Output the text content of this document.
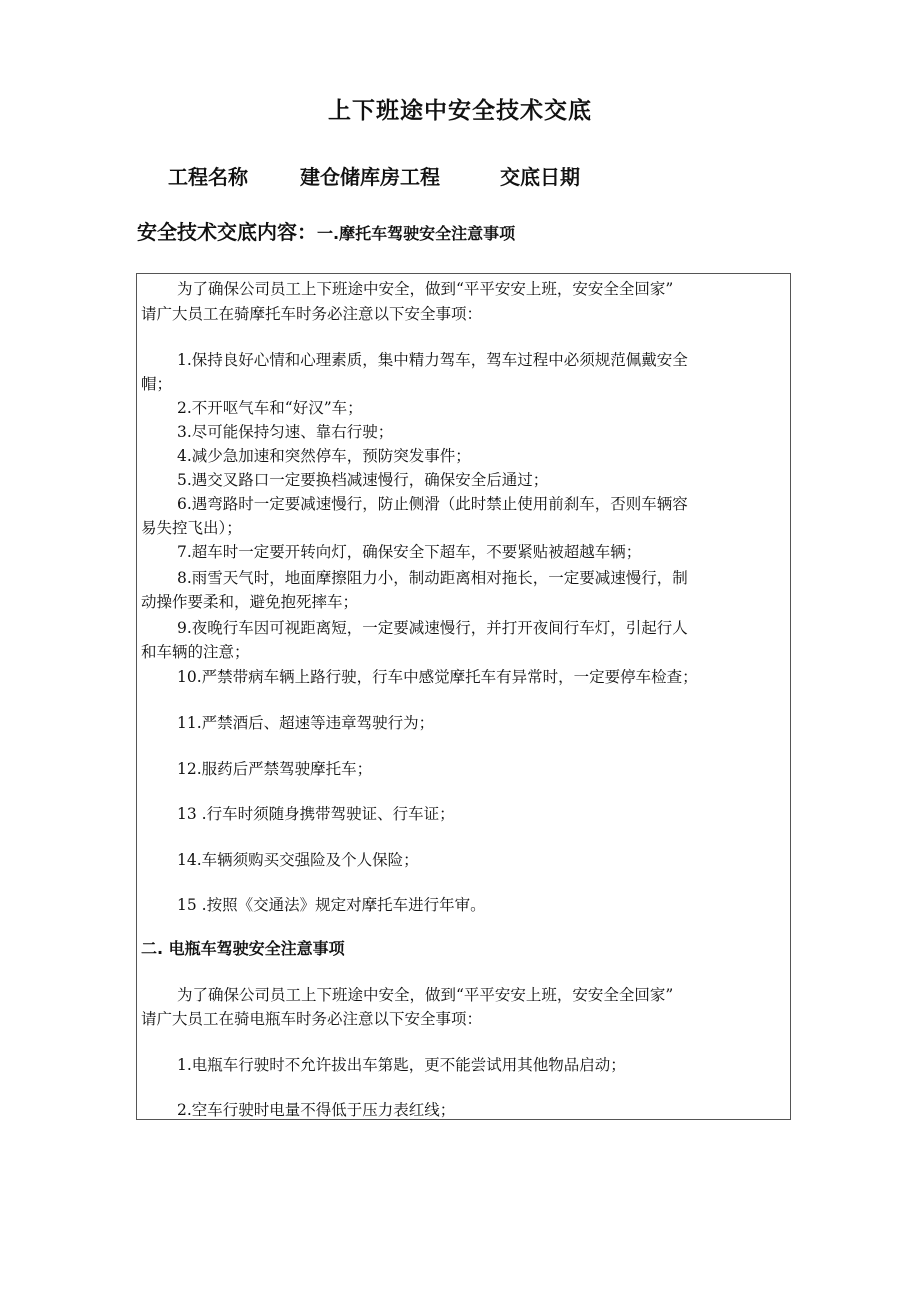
上下班途中安全技术交底
工程名称	建仓储库房工程	交底日期
安全技术交底内容：一.摩托车驾驶安全注意事项
为了确保公司员工上下班途中安全，做到“平平安安上班，安安全全回家”
请广大员工在骑摩托车时务必注意以下安全事项：
1.保持良好心情和心理素质，集中精力驾车，驾车过程中必须规范佩戴安全
帽；
2.不开呕气车和“好汉”车；
3.尽可能保持匀速、靠右行驶；
4.减少急加速和突然停车，预防突发事件；
5.遇交叉路口一定要换档减速慢行，确保安全后通过；
6.遇弯路时一定要减速慢行，防止侧滑（此时禁止使用前刹车，否则车辆容
易失控飞出）；
7.超车时一定要开转向灯，确保安全下超车，不要紧贴被超越车辆；
8.雨雪天气时，地面摩擦阻力小，制动距离相对拖长，一定要减速慢行，制
动操作要柔和，避免抱死摔车；
9.夜晚行车因可视距离短，一定要减速慢行，并打开夜间行车灯，引起行人
和车辆的注意；
10.严禁带病车辆上路行驶，行车中感觉摩托车有异常时，一定要停车检查；
11.严禁酒后、超速等违章驾驶行为；
12.服药后严禁驾驶摩托车；
13 .行车时须随身携带驾驶证、行车证；
14.车辆须购买交强险及个人保险；
15 .按照《交通法》规定对摩托车进行年审。
二. 电瓶车驾驶安全注意事项
为了确保公司员工上下班途中安全，做到“平平安安上班，安安全全回家”
请广大员工在骑电瓶车时务必注意以下安全事项：
1.电瓶车行驶时不允许拔出车第匙，更不能尝试用其他物品启动；
2.空车行驶时电量不得低于压力表红线；
